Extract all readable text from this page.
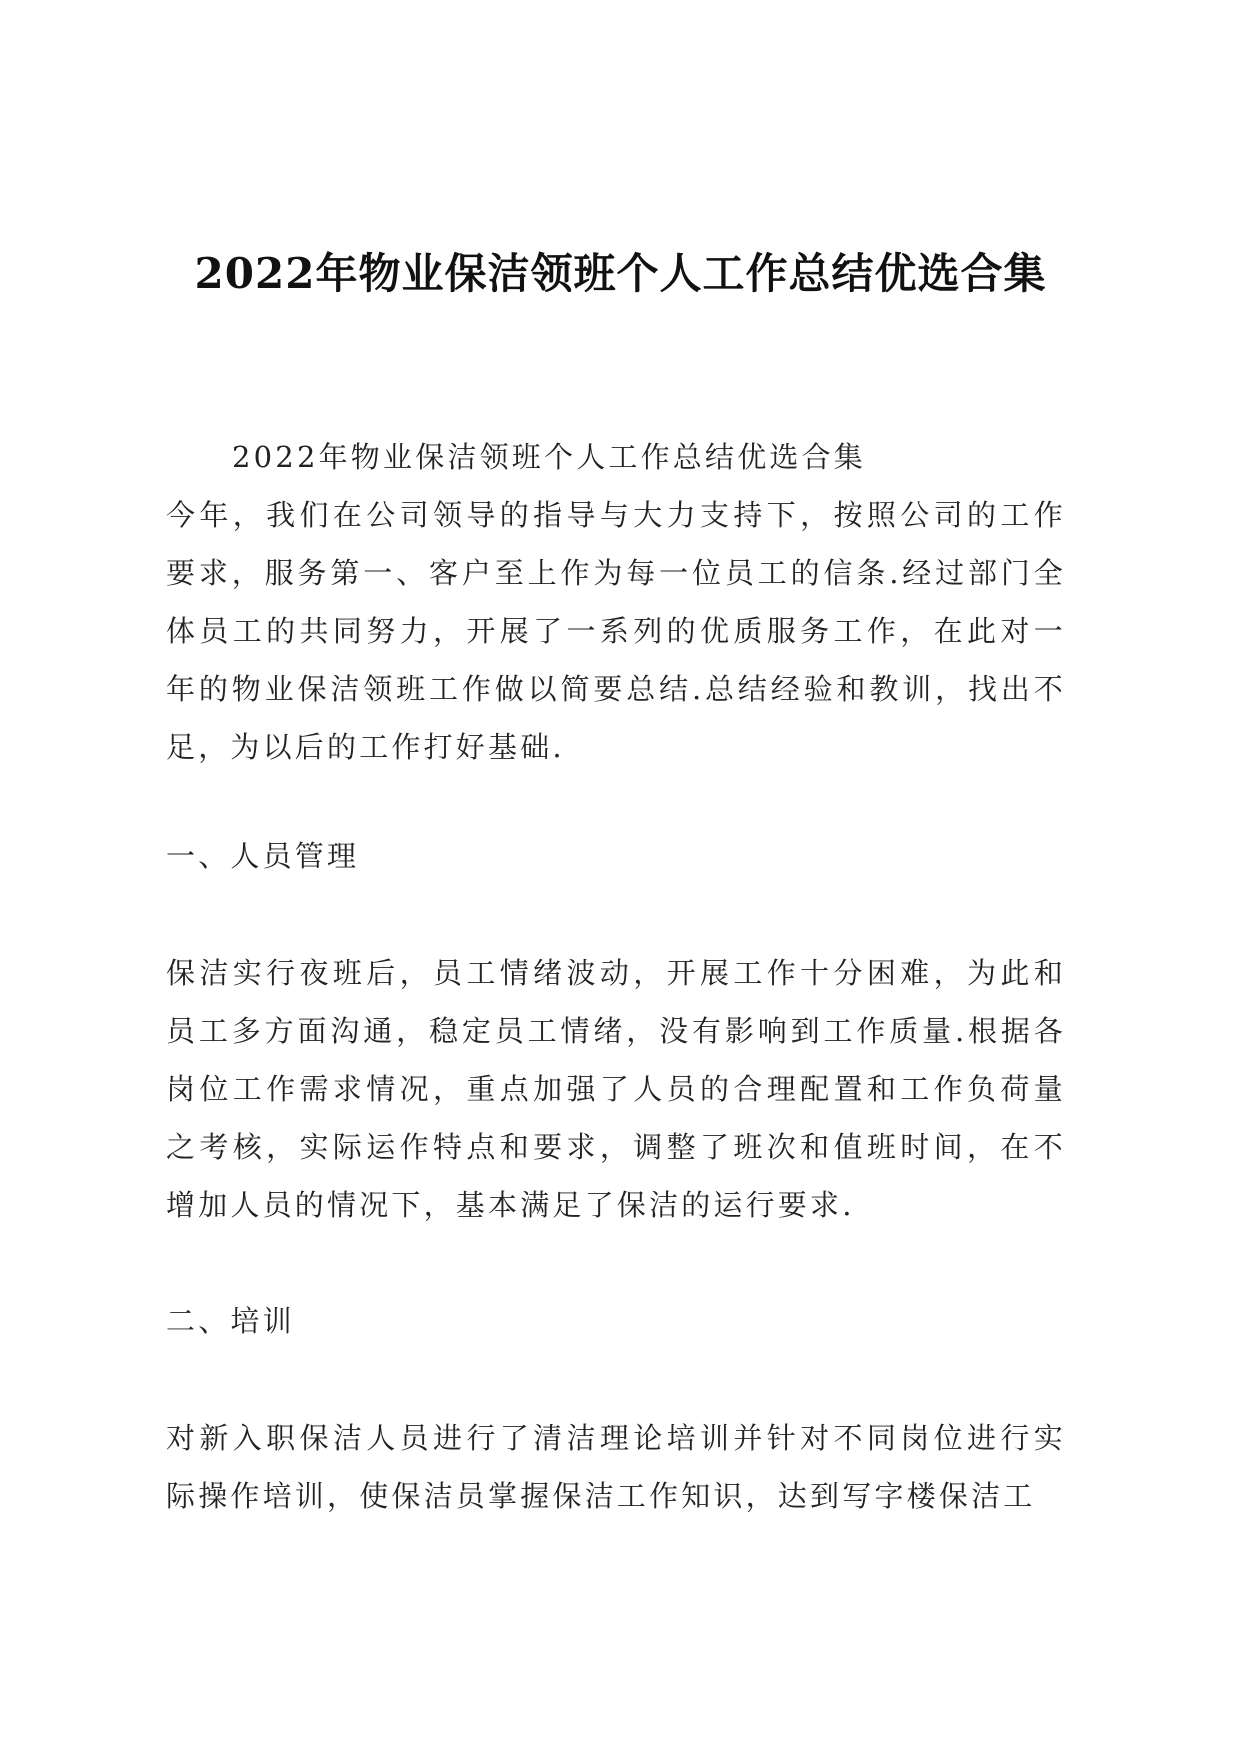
2022年物业保洁领班个人工作总结优选合集

2022年物业保洁领班个人工作总结优选合集

今年，我们在公司领导的指导与大力支持下，按照公司的工作要求，服务第一、客户至上作为每一位员工的信条.经过部门全体员工的共同努力，开展了一系列的优质服务工作，在此对一年的物业保洁领班工作做以简要总结.总结经验和教训，找出不足，为以后的工作打好基础.

一、人员管理

保洁实行夜班后，员工情绪波动，开展工作十分困难，为此和员工多方面沟通，稳定员工情绪，没有影响到工作质量.根据各岗位工作需求情况，重点加强了人员的合理配置和工作负荷量之考核，实际运作特点和要求，调整了班次和值班时间，在不增加人员的情况下，基本满足了保洁的运行要求.

二、培训

对新入职保洁人员进行了清洁理论培训并针对不同岗位进行实际操作培训，使保洁员掌握保洁工作知识，达到写字楼保洁工
